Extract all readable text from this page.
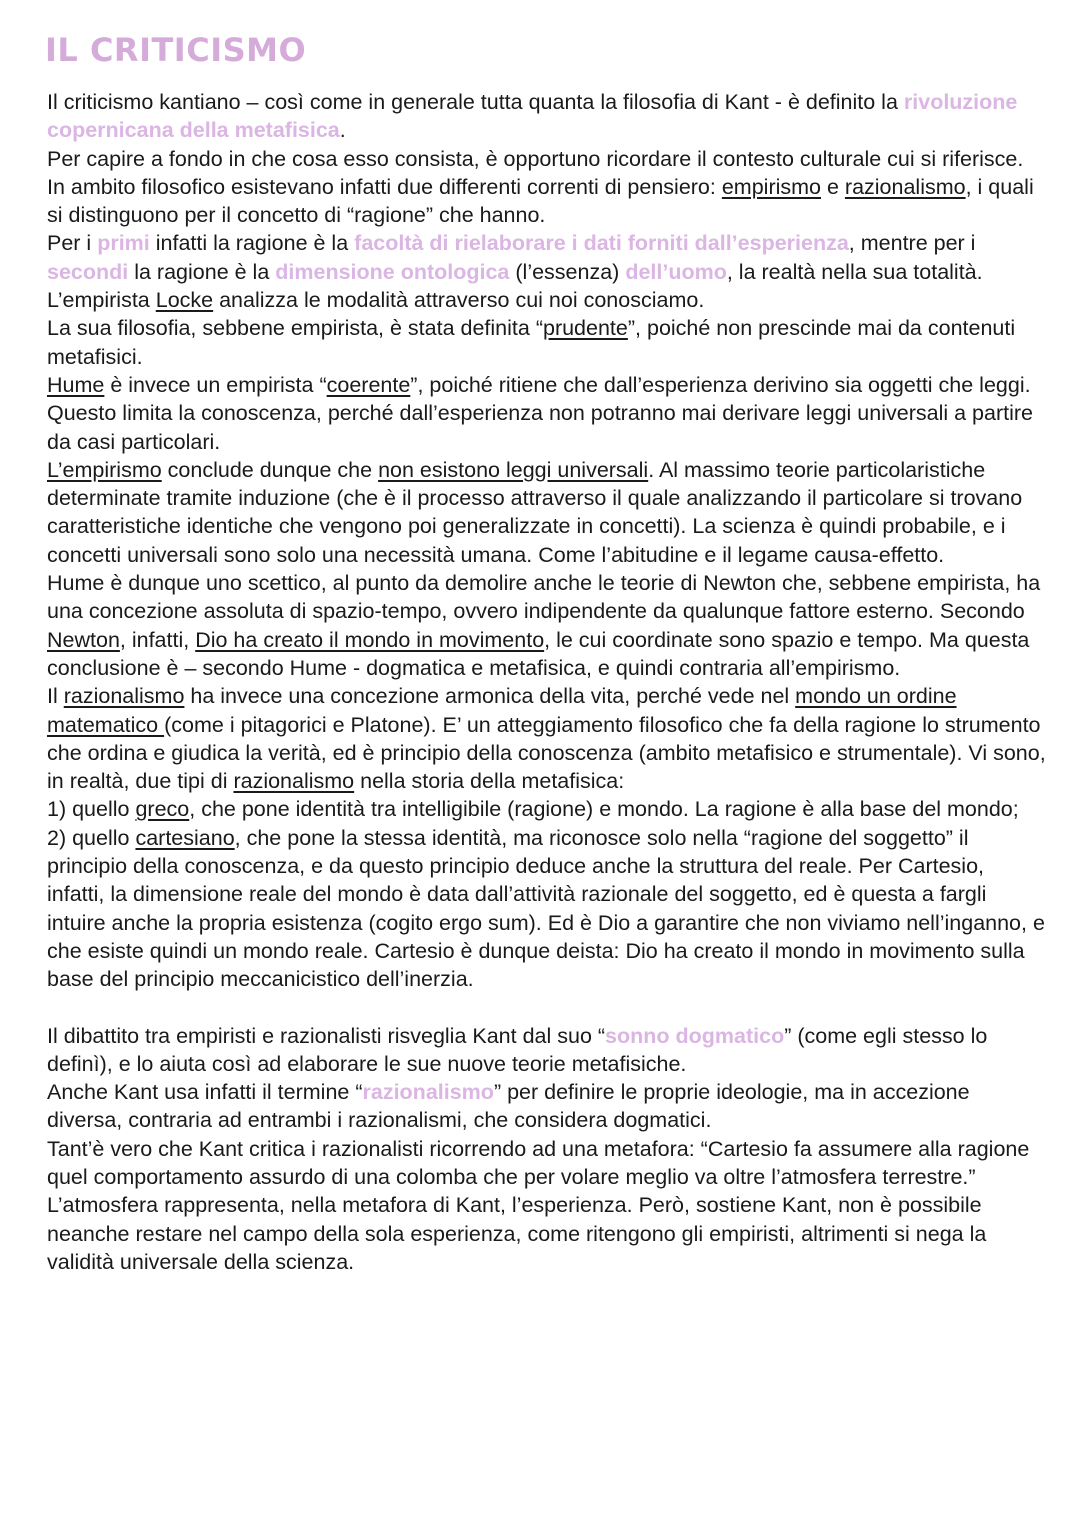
IL CRITICISMO

Il criticismo kantiano – così come in generale tutta quanta la filosofia di Kant - è definito la rivoluzione copernicana della metafisica.

Per capire a fondo in che cosa esso consista, è opportuno ricordare il contesto culturale cui si riferisce.

In ambito filosofico esistevano infatti due differenti correnti di pensiero: empirismo e razionalismo, i quali si distinguono per il concetto di “ragione” che hanno.

Per i primi infatti la ragione è la facoltà di rielaborare i dati forniti dall’esperienza, mentre per i secondi la ragione è la dimensione ontologica (l’essenza) dell’uomo, la realtà nella sua totalità.

L’empirista Locke analizza le modalità attraverso cui noi conosciamo.

La sua filosofia, sebbene empirista, è stata definita “prudente”, poiché non prescinde mai da contenuti metafisici.

Hume è invece un empirista “coerente”, poiché ritiene che dall’esperienza derivino sia oggetti che leggi. Questo limita la conoscenza, perché dall’esperienza non potranno mai derivare leggi universali a partire da casi particolari.

L’empirismo conclude dunque che non esistono leggi universali. Al massimo teorie particolaristiche determinate tramite induzione (che è il processo attraverso il quale analizzando il particolare si trovano caratteristiche identiche che vengono poi generalizzate in concetti). La scienza è quindi probabile, e i concetti universali sono solo una necessità umana. Come l’abitudine e il legame causa-effetto.

Hume è dunque uno scettico, al punto da demolire anche le teorie di Newton che, sebbene empirista, ha una concezione assoluta di spazio-tempo, ovvero indipendente da qualunque fattore esterno. Secondo Newton, infatti, Dio ha creato il mondo in movimento, le cui coordinate sono spazio e tempo. Ma questa conclusione è – secondo Hume - dogmatica e metafisica, e quindi contraria all’empirismo.

Il razionalismo ha invece una concezione armonica della vita, perché vede nel mondo un ordine matematico (come i pitagorici e Platone). E’ un atteggiamento filosofico che fa della ragione lo strumento che ordina e giudica la verità, ed è principio della conoscenza (ambito metafisico e strumentale). Vi sono, in realtà, due tipi di razionalismo nella storia della metafisica:

1) quello greco, che pone identità tra intelligibile (ragione) e mondo. La ragione è alla base del mondo;

2) quello cartesiano, che pone la stessa identità, ma riconosce solo nella “ragione del soggetto” il principio della conoscenza, e da questo principio deduce anche la struttura del reale. Per Cartesio, infatti, la dimensione reale del mondo è data dall’attività razionale del soggetto, ed è questa a fargli intuire anche la propria esistenza (cogito ergo sum). Ed è Dio a garantire che non viviamo nell’inganno, e che esiste quindi un mondo reale. Cartesio è dunque deista: Dio ha creato il mondo in movimento sulla base del principio meccanicistico dell’inerzia.

Il dibattito tra empiristi e razionalisti risveglia Kant dal suo “sonno dogmatico” (come egli stesso lo definì), e lo aiuta così ad elaborare le sue nuove teorie metafisiche.

Anche Kant usa infatti il termine “razionalismo” per definire le proprie ideologie, ma in accezione diversa, contraria ad entrambi i razionalismi, che considera dogmatici.

Tant’è vero che Kant critica i razionalisti ricorrendo ad una metafora: “Cartesio fa assumere alla ragione quel comportamento assurdo di una colomba che per volare meglio va oltre l’atmosfera terrestre.”

L’atmosfera rappresenta, nella metafora di Kant, l’esperienza. Però, sostiene Kant, non è possibile neanche restare nel campo della sola esperienza, come ritengono gli empiristi, altrimenti si nega la validità universale della scienza.
